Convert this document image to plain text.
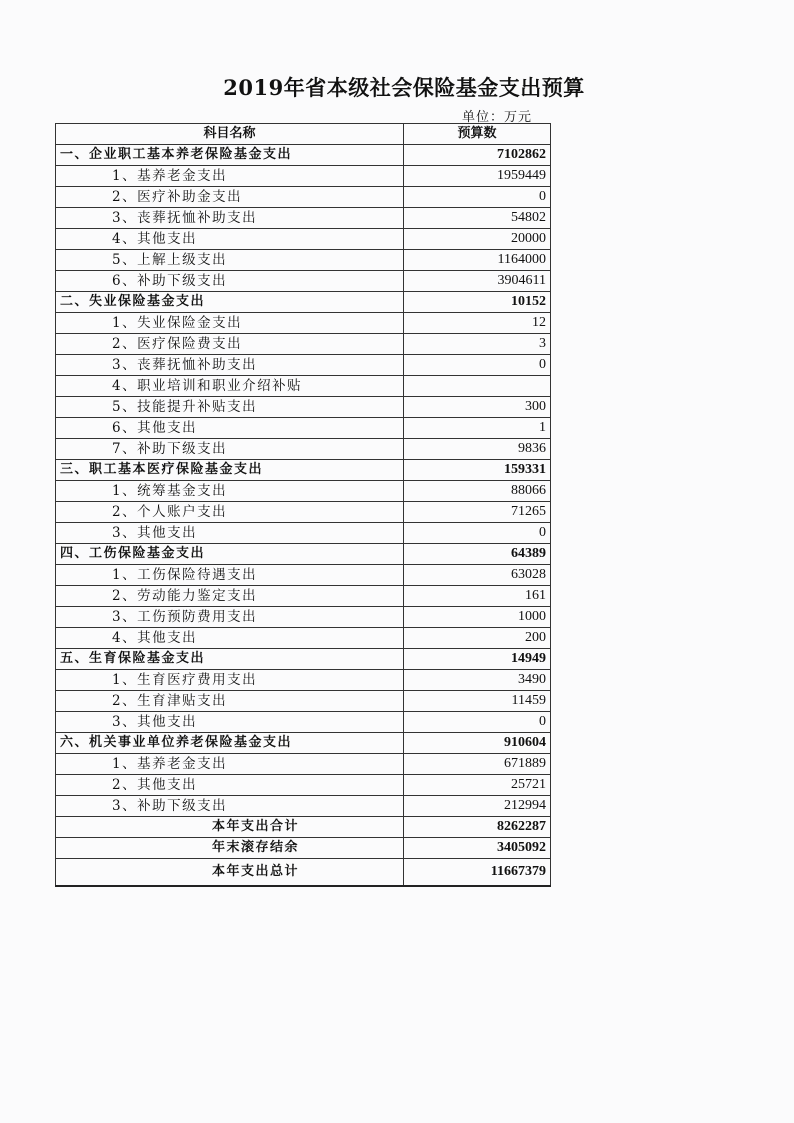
2019年省本级社会保险基金支出预算
单位：万元
科目名称	预算数
一、企业职工基本养老保险基金支出	7102862
1、基养老金支出	1959449
2、医疗补助金支出	0
3、丧葬抚恤补助支出	54802
4、其他支出	20000
5、上解上级支出	1164000
6、补助下级支出	3904611
二、失业保险基金支出	10152
1、失业保险金支出	12
2、医疗保险费支出	3
3、丧葬抚恤补助支出	0
4、职业培训和职业介绍补贴	
5、技能提升补贴支出	300
6、其他支出	1
7、补助下级支出	9836
三、职工基本医疗保险基金支出	159331
1、统筹基金支出	88066
2、个人账户支出	71265
3、其他支出	0
四、工伤保险基金支出	64389
1、工伤保险待遇支出	63028
2、劳动能力鉴定支出	161
3、工伤预防费用支出	1000
4、其他支出	200
五、生育保险基金支出	14949
1、生育医疗费用支出	3490
2、生育津贴支出	11459
3、其他支出	0
六、机关事业单位养老保险基金支出	910604
1、基养老金支出	671889
2、其他支出	25721
3、补助下级支出	212994
本年支出合计	8262287
年末滚存结余	3405092
本年支出总计	11667379
